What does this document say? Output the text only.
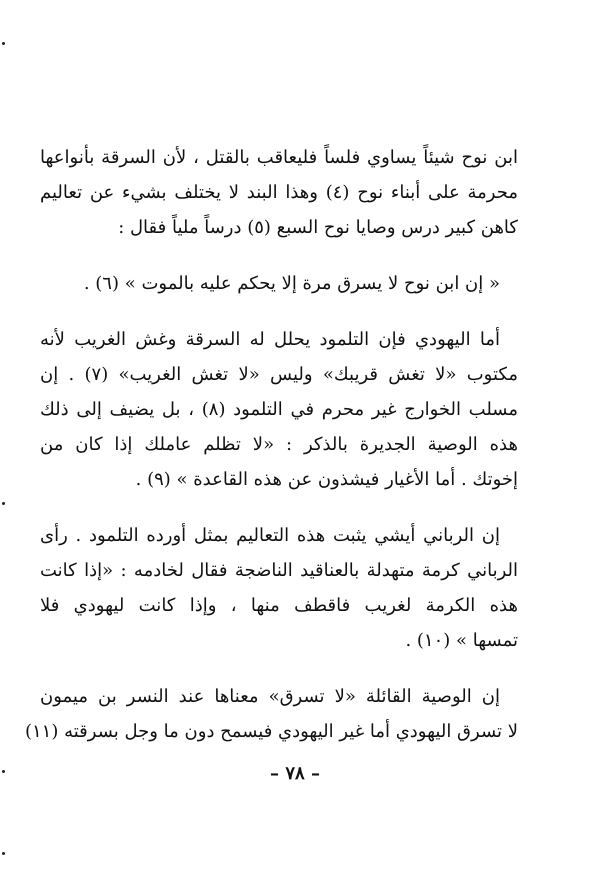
ابن نوح شيئاً يساوي فلساً فليعاقب بالقتل ، لأن السرقة بأنواعها
محرمة على أبناء نوح (٤) وهذا البند لا يختلف بشيء عن تعاليم
كاهن كبير درس وصايا نوح السبع (٥) درساً ملياً فقال :

« إن ابن نوح لا يسرق مرة إلا يحكم عليه بالموت » (٦) .

أما اليهودي فإن التلمود يحلل له السرقة وغش الغريب لأنه
مكتوب «لا تغش قريبك» وليس «لا تغش الغريب» (٧) . إن
مسلب الخوارج غير محرم في التلمود (٨) ، بل يضيف إلى ذلك
هذه الوصية الجديرة بالذكر : «لا تظلم عاملك إذا كان من
إخوتك . أما الأغيار فيشذون عن هذه القاعدة » (٩) .

إن الرباني أيشي يثبت هذه التعاليم بمثل أورده التلمود . رأى
الرباني كرمة متهدلة بالعناقيد الناضجة فقال لخادمه : «إذا كانت
هذه الكرمة لغريب فاقطف منها ، وإذا كانت ليهودي فلا
تمسها » (١٠) .

إن الوصية القائلة «لا تسرق» معناها عند النسر بن ميمون
لا تسرق اليهودي أما غير اليهودي فيسمح دون ما وجل بسرقته (١١)

– ٧٨ –
